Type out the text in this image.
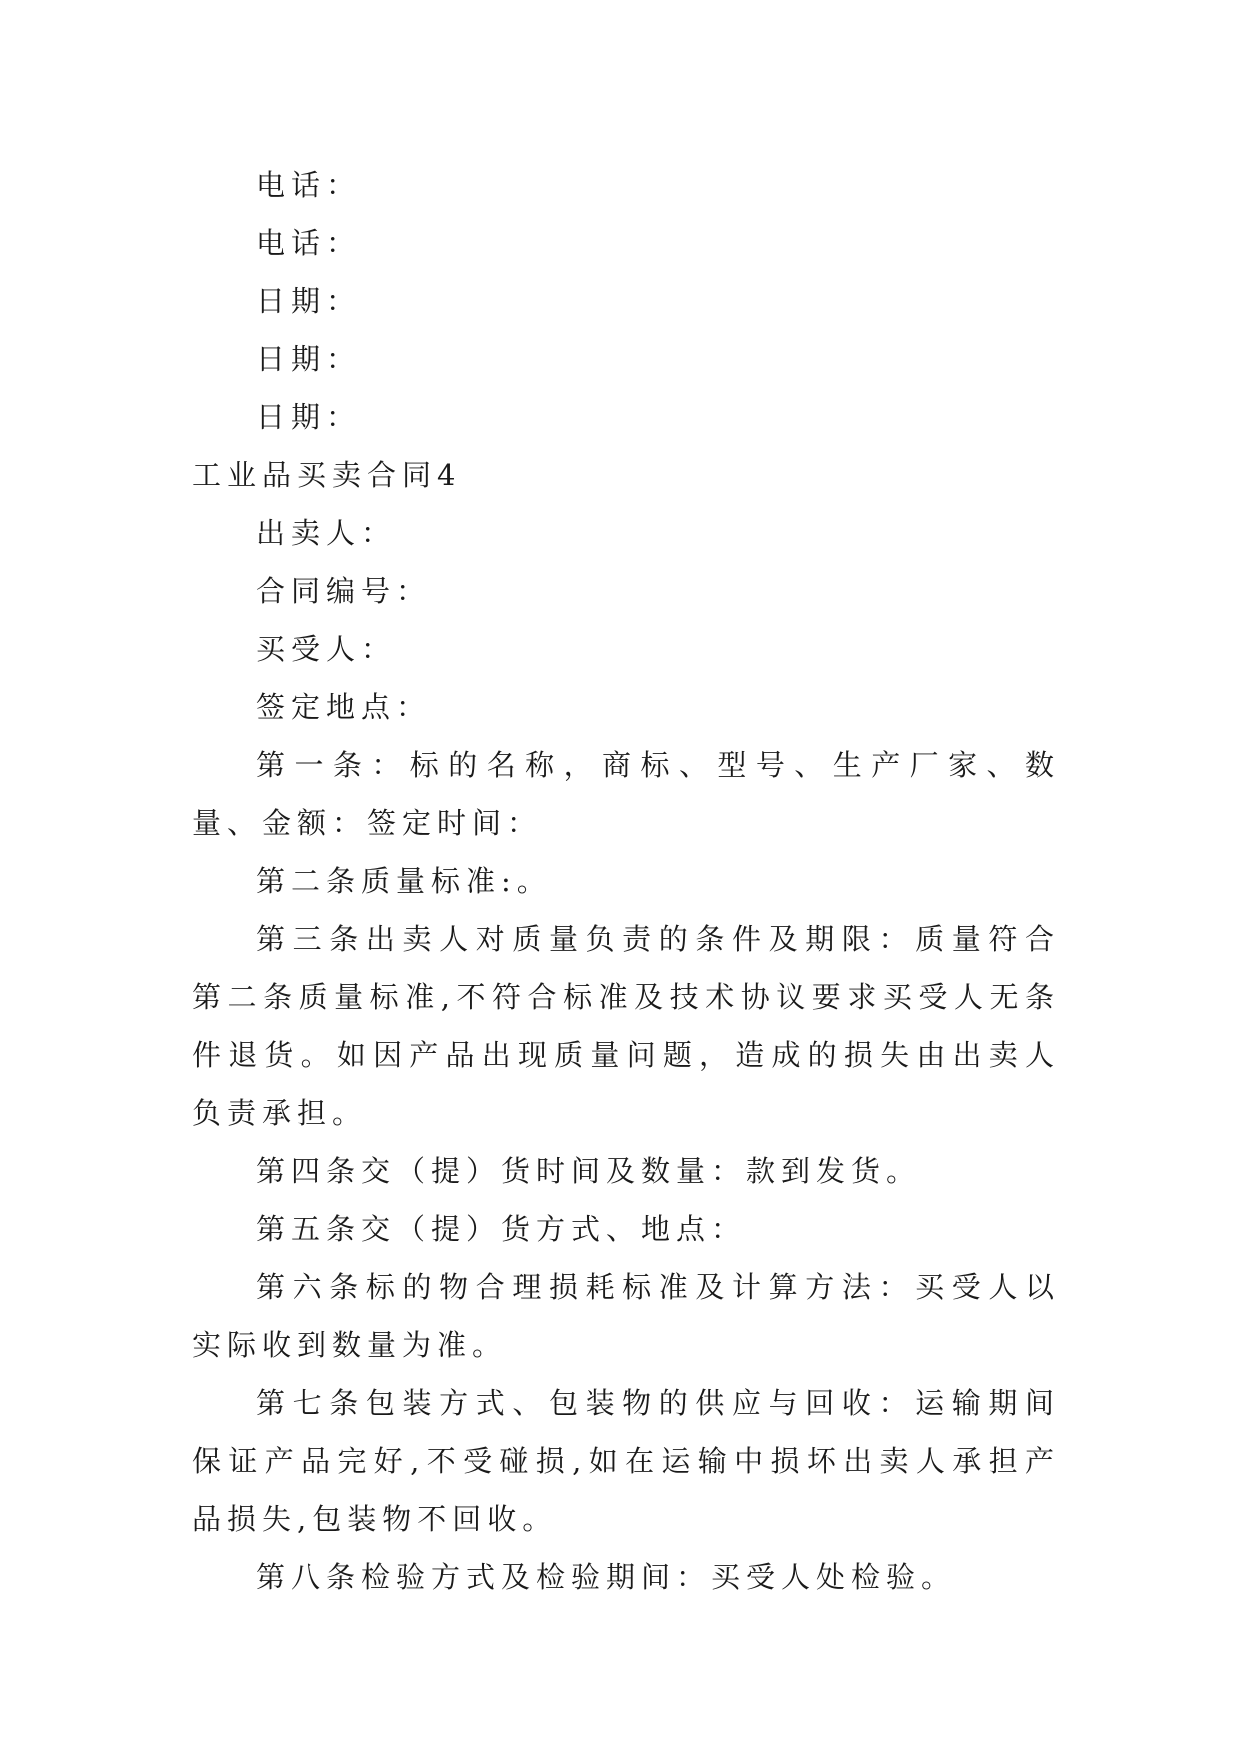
电话：

电话：

日期：

日期：

日期：

工业品买卖合同4

出卖人：

合同编号：

买受人：

签定地点：

第一条：标的名称，商标、型号、生产厂家、数量、金额：签定时间：

第二条质量标准:。

第三条出卖人对质量负责的条件及期限：质量符合第二条质量标准,不符合标准及技术协议要求买受人无条件退货。如因产品出现质量问题，造成的损失由出卖人负责承担。

第四条交（提）货时间及数量：款到发货。

第五条交（提）货方式、地点：

第六条标的物合理损耗标准及计算方法：买受人以实际收到数量为准。

第七条包装方式、包装物的供应与回收：运输期间保证产品完好,不受碰损,如在运输中损坏出卖人承担产品损失,包装物不回收。

第八条检验方式及检验期间：买受人处检验。
